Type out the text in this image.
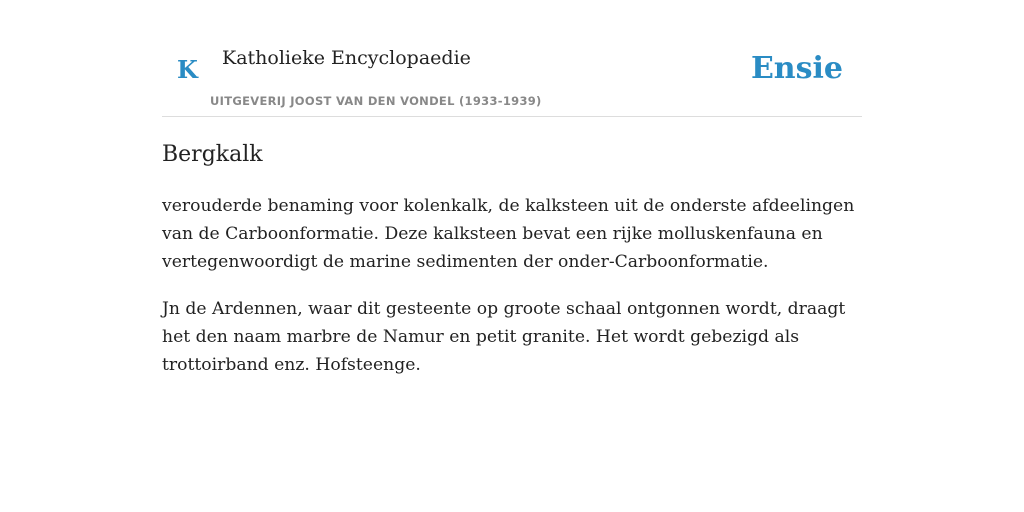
K Katholieke Encyclopaedie
UITGEVERIJ JOOST VAN DEN VONDEL (1933-1939)
Ensie
Bergkalk

verouderde benaming voor kolenkalk, de kalksteen uit de onderste afdeelingen van de Carboonformatie. Deze kalksteen bevat een rijke molluskenfauna en vertegenwoordigt de marine sedimenten der onder-Carboonformatie.

Jn de Ardennen, waar dit gesteente op groote schaal ontgonnen wordt, draagt het den naam marbre de Namur en petit granite. Het wordt gebezigd als trottoirband enz. Hofsteenge.
